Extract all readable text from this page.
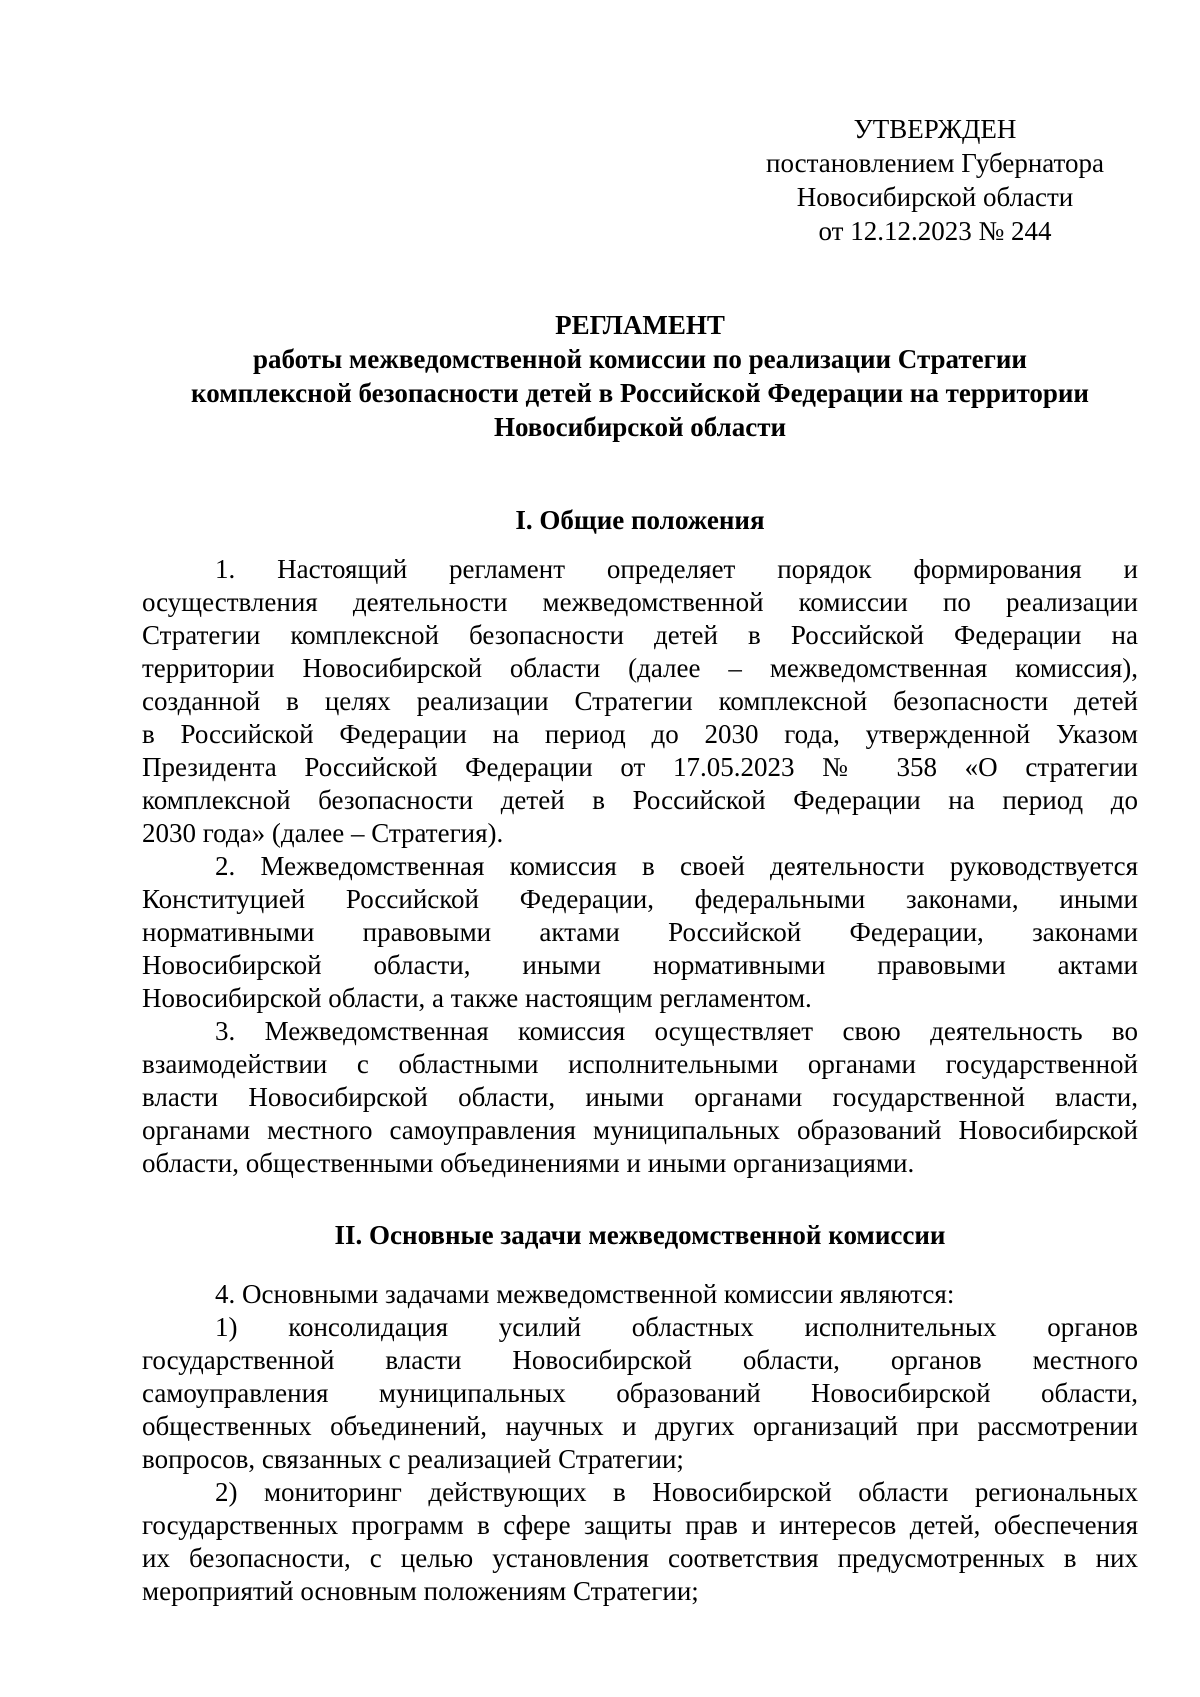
УТВЕРЖДЕН
постановлением Губернатора
Новосибирской области
от 12.12.2023 № 244
РЕГЛАМЕНТ
работы межведомственной комиссии по реализации Стратегии
комплексной безопасности детей в Российской Федерации на территории
Новосибирской области
I. Общие положения
1. Настоящий регламент определяет порядок формирования и
осуществления деятельности межведомственной комиссии по реализации
Стратегии комплексной безопасности детей в Российской Федерации на
территории Новосибирской области (далее – межведомственная комиссия),
созданной в целях реализации Стратегии комплексной безопасности детей
в Российской Федерации на период до 2030 года, утвержденной Указом
Президента Российской Федерации от 17.05.2023 № 358 «О стратегии
комплексной безопасности детей в Российской Федерации на период до
2030 года» (далее – Стратегия).
2. Межведомственная комиссия в своей деятельности руководствуется
Конституцией Российской Федерации, федеральными законами, иными
нормативными правовыми актами Российской Федерации, законами
Новосибирской области, иными нормативными правовыми актами
Новосибирской области, а также настоящим регламентом.
3. Межведомственная комиссия осуществляет свою деятельность во
взаимодействии с областными исполнительными органами государственной
власти Новосибирской области, иными органами государственной власти,
органами местного самоуправления муниципальных образований Новосибирской
области, общественными объединениями и иными организациями.
II. Основные задачи межведомственной комиссии
4. Основными задачами межведомственной комиссии являются:
1) консолидация усилий областных исполнительных органов
государственной власти Новосибирской области, органов местного
самоуправления муниципальных образований Новосибирской области,
общественных объединений, научных и других организаций при рассмотрении
вопросов, связанных с реализацией Стратегии;
2) мониторинг действующих в Новосибирской области региональных
государственных программ в сфере защиты прав и интересов детей, обеспечения
их безопасности, с целью установления соответствия предусмотренных в них
мероприятий основным положениям Стратегии;
